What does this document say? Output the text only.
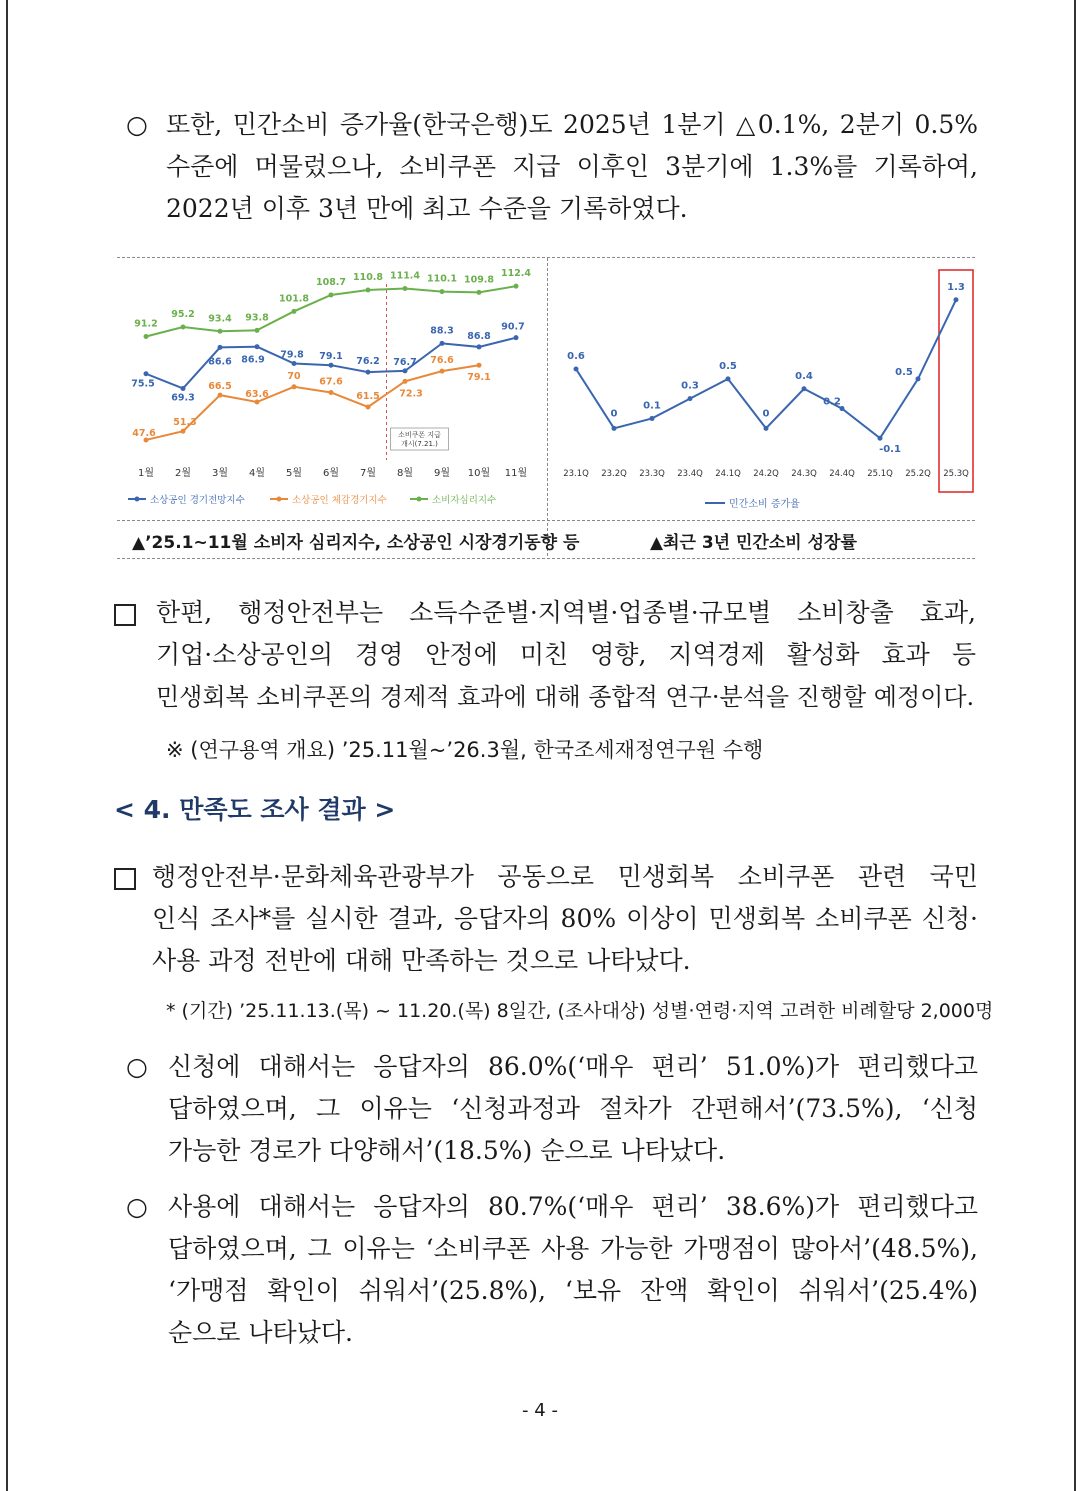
○ 또한, 민간소비 증가율(한국은행)도 2025년 1분기 △0.1%, 2분기 0.5%
수준에 머물렀으나, 소비쿠폰 지급 이후인 3분기에 1.3%를 기록하여,
2022년 이후 3년 만에 최고 수준을 기록하였다.
소비쿠폰 지급
개시(7.21.)
75.5
69.3
86.6 86.9 79.8 79.1 76.2 76.7
88.3
86.8
90.7
47.6
51.3
66.5
63.6
70
67.6
61.5 72.3
76.6
79.1
91.2
95.2 93.4 93.8
101.8
108.7 110.8 111.4 110.1 109.8
112.4
1월 2월 3월 4월 5월 6월 7월 8월 9월 10월 11월
소상공인 경기전망지수	소상공인 체감경기지수	소비자심리지수
0.6
0
0.1
0.3
0.5
0
0.4
0.2
-0.1
0.5
1.3
23.1Q 23.2Q 23.3Q 23.4Q 24.1Q 24.2Q 24.3Q 24.4Q 25.1Q 25.2Q 25.3Q
민간소비 증가율
▲’25.1~11월 소비자 심리지수, 소상공인 시장경기동향 등	▲최근 3년 민간소비 성장률
한편, 행정안전부는 소득수준별·지역별·업종별·규모별 소비창출 효과,
기업·소상공인의 경영 안정에 미친 영향, 지역경제 활성화 효과 등
민생회복 소비쿠폰의 경제적 효과에 대해 종합적 연구·분석을 진행할 예정이다.
※ (연구용역 개요) ’25.11월~’26.3월, 한국조세재정연구원 수행
< 4. 만족도 조사 결과 >
행정안전부·문화체육관광부가 공동으로 민생회복 소비쿠폰 관련 국민
인식 조사*를 실시한 결과, 응답자의 80% 이상이 민생회복 소비쿠폰 신청·
사용 과정 전반에 대해 만족하는 것으로 나타났다.
* (기간) ’25.11.13.(목) ~ 11.20.(목) 8일간, (조사대상) 성별·연령·지역 고려한 비례할당 2,000명
○ 신청에 대해서는 응답자의 86.0%(‘매우 편리’ 51.0%)가 편리했다고
답하였으며, 그 이유는 ‘신청과정과 절차가 간편해서’(73.5%), ‘신청
가능한 경로가 다양해서’(18.5%) 순으로 나타났다.
○ 사용에 대해서는 응답자의 80.7%(‘매우 편리’ 38.6%)가 편리했다고
답하였으며, 그 이유는 ‘소비쿠폰 사용 가능한 가맹점이 많아서’(48.5%),
‘가맹점 확인이 쉬워서’(25.8%), ‘보유 잔액 확인이 쉬워서’(25.4%)
순으로 나타났다.
- 4 -
